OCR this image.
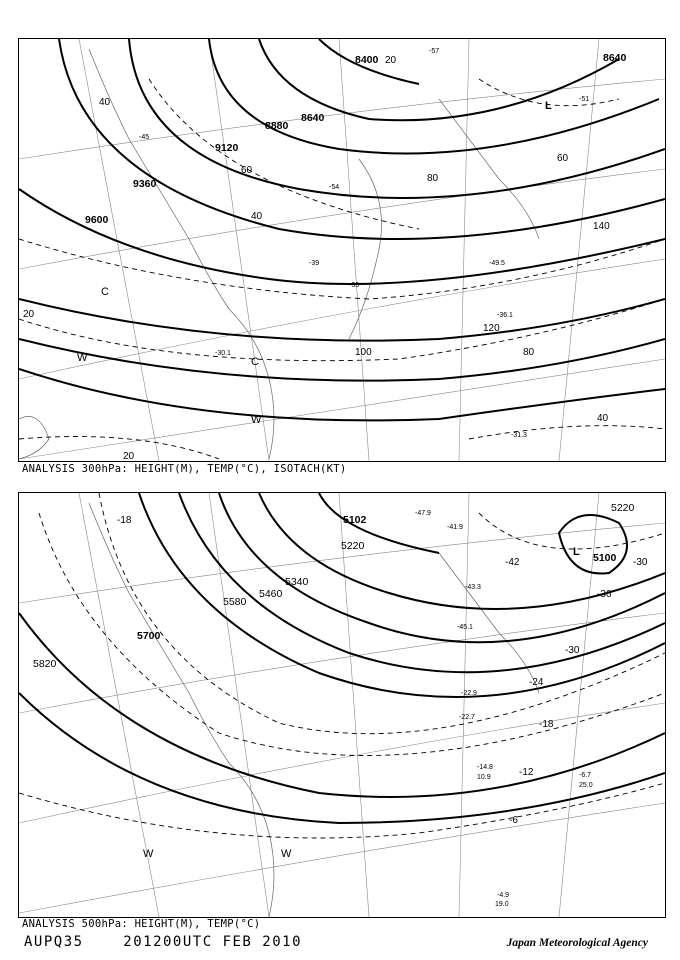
8400	8640
8640
8880
9120
9360
9600
20
40
60
80
100
120
140
20
40
60
80
40
20
-33
-36.1
-39
-45
-49.5
-51
-54
-57
-30.1
-31.3
L
C
C
W
W
ANALYSIS 300hPa: HEIGHT(M), TEMP(°C), ISOTACH(KT)
5100
5102
5220
5220
5340
5460
5580
5700
5820
-18
-42
-36
-30
-24
-18
-12
-6
-30
-47.9
-41.9
-43.3
-45.1
-22.9
-22.7
-14.8
-6.7
-4.9
19.0
25.0
10.9
L
W	W
ANALYSIS 500hPa: HEIGHT(M), TEMP(°C)
AUPQ35    201200UTC FEB 2010	Japan Meteorological Agency
